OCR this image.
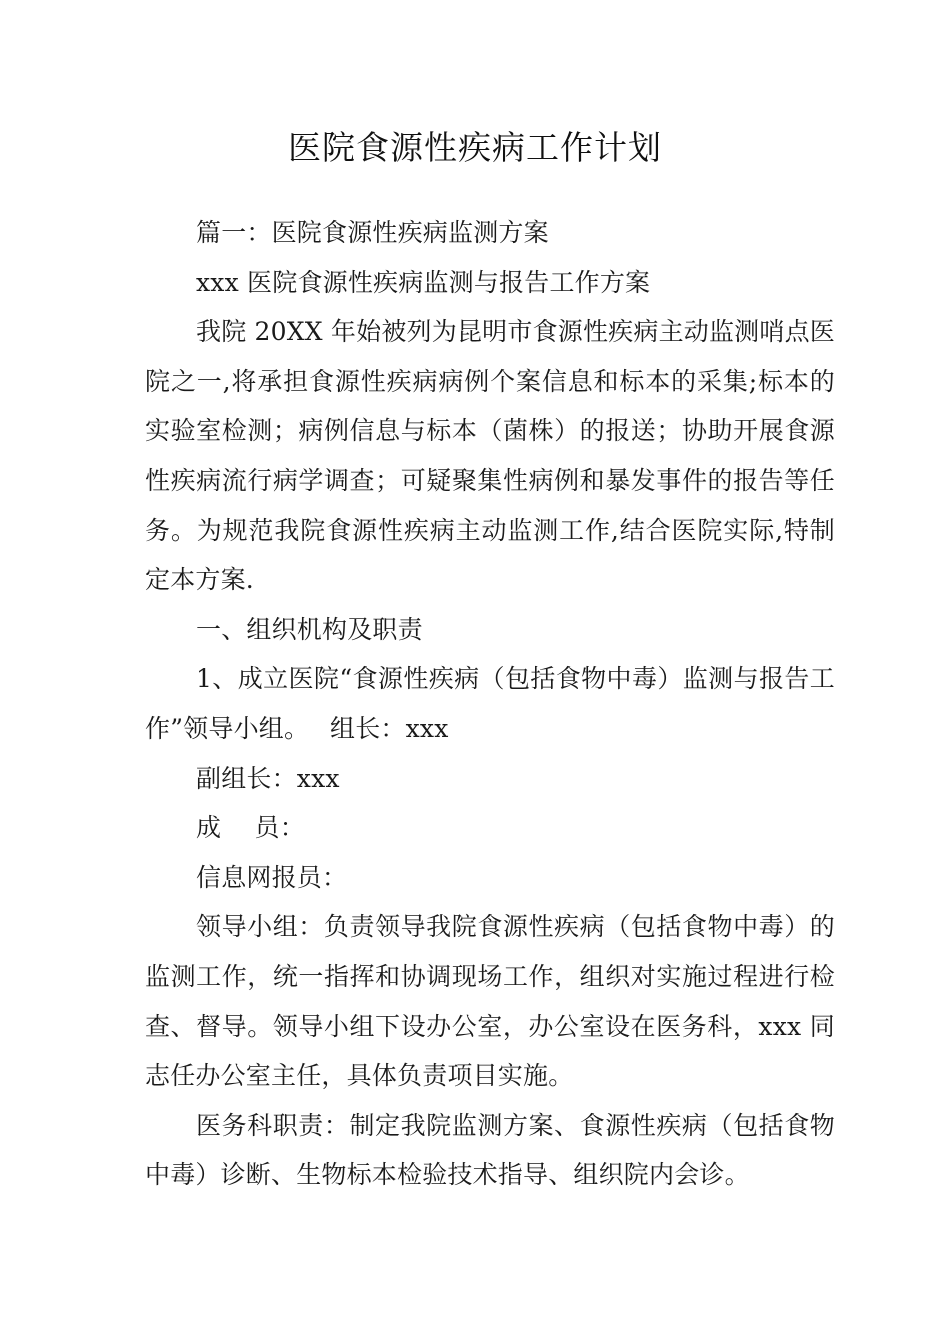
医院食源性疾病工作计划

篇一：医院食源性疾病监测方案

xxx 医院食源性疾病监测与报告工作方案

我院 20XX 年始被列为昆明市食源性疾病主动监测哨点医院之一,将承担食源性疾病病例个案信息和标本的采集;标本的实验室检测；病例信息与标本（菌株）的报送；协助开展食源性疾病流行病学调查；可疑聚集性病例和暴发事件的报告等任务。为规范我院食源性疾病主动监测工作,结合医院实际,特制定本方案.

一、组织机构及职责

1、成立医院“食源性疾病（包括食物中毒）监测与报告工作”领导小组。　 组长：xxx

副组长：xxx

成　 员：

信息网报员：

领导小组：负责领导我院食源性疾病（包括食物中毒）的监测工作，统一指挥和协调现场工作，组织对实施过程进行检查、督导。领导小组下设办公室，办公室设在医务科，xxx 同志任办公室主任，具体负责项目实施。

医务科职责：制定我院监测方案、食源性疾病（包括食物中毒）诊断、生物标本检验技术指导、组织院内会诊。
